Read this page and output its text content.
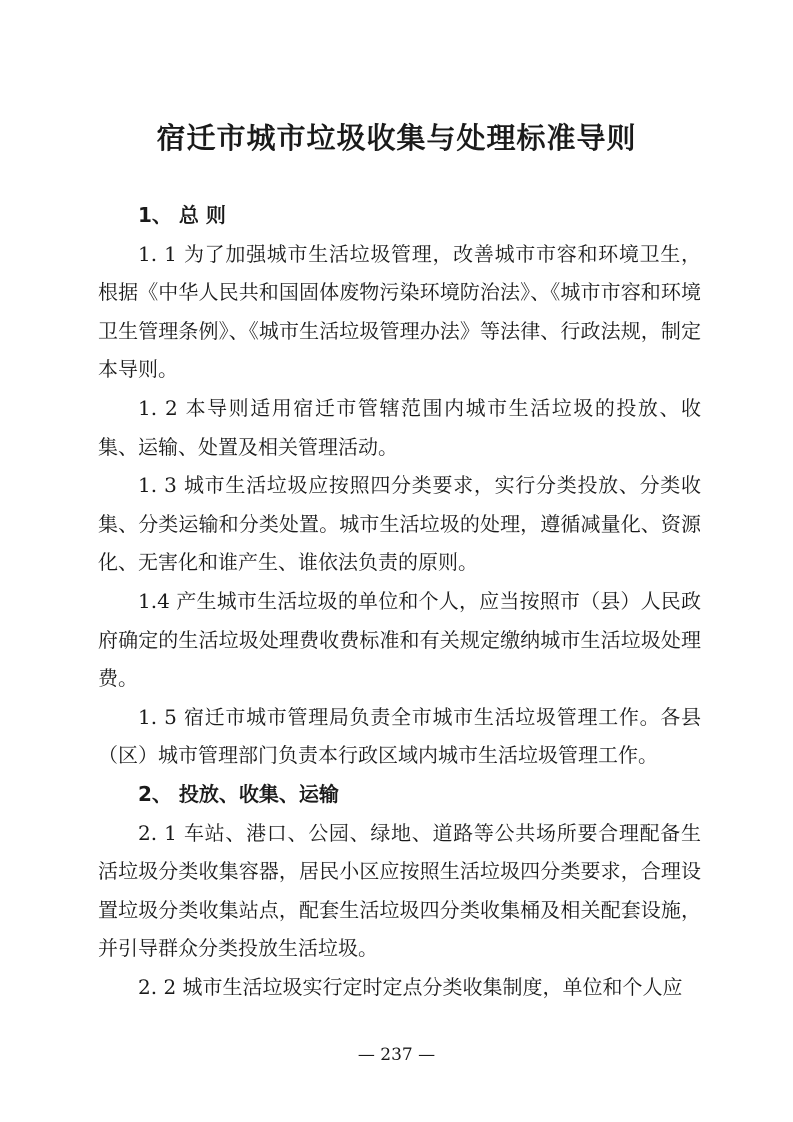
宿迁市城市垃圾收集与处理标准导则

1、 总 则

1. 1 为了加强城市生活垃圾管理，改善城市市容和环境卫生，根据《中华人民共和国固体废物污染环境防治法》、《城市市容和环境卫生管理条例》、《城市生活垃圾管理办法》等法律、行政法规，制定本导则。

1. 2 本导则适用宿迁市管辖范围内城市生活垃圾的投放、收集、运输、处置及相关管理活动。

1. 3 城市生活垃圾应按照四分类要求，实行分类投放、分类收集、分类运输和分类处置。城市生活垃圾的处理，遵循减量化、资源化、无害化和谁产生、谁依法负责的原则。

1.4 产生城市生活垃圾的单位和个人，应当按照市（县）人民政府确定的生活垃圾处理费收费标准和有关规定缴纳城市生活垃圾处理费。

1. 5 宿迁市城市管理局负责全市城市生活垃圾管理工作。各县（区）城市管理部门负责本行政区域内城市生活垃圾管理工作。

2、 投放、收集、运输

2. 1 车站、港口、公园、绿地、道路等公共场所要合理配备生活垃圾分类收集容器，居民小区应按照生活垃圾四分类要求，合理设置垃圾分类收集站点，配套生活垃圾四分类收集桶及相关配套设施，并引导群众分类投放生活垃圾。

2. 2 城市生活垃圾实行定时定点分类收集制度，单位和个人应

— 237 —
